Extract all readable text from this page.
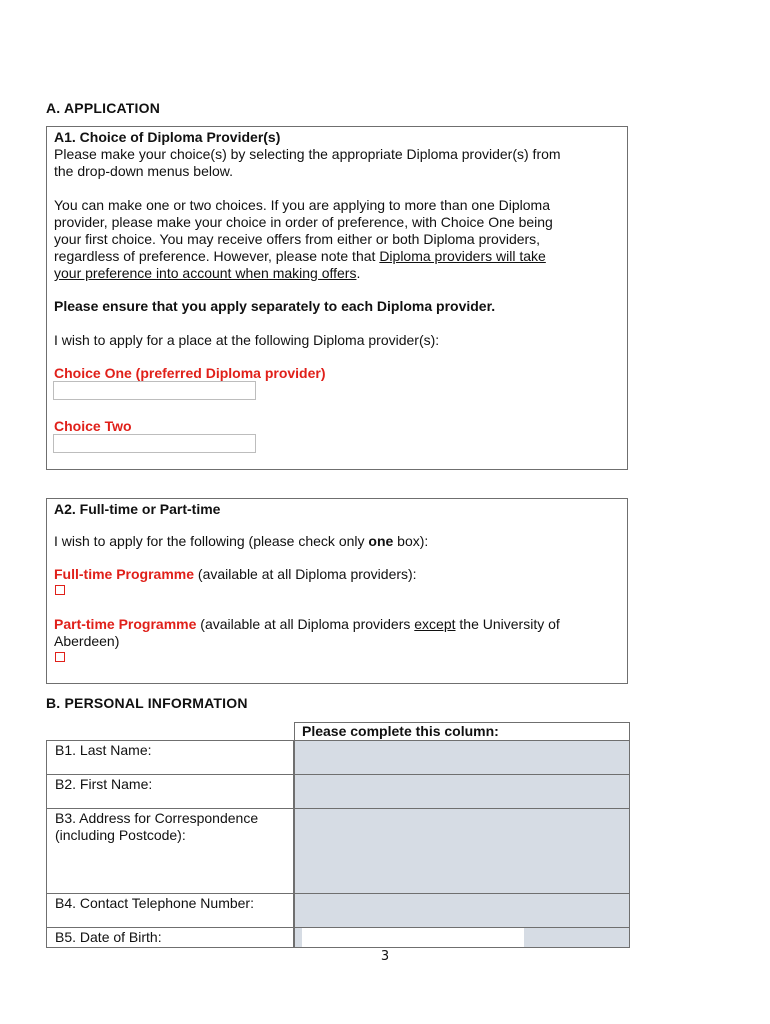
A. APPLICATION
A1. Choice of Diploma Provider(s)
Please make your choice(s) by selecting the appropriate Diploma provider(s) from
the drop-down menus below.
You can make one or two choices. If you are applying to more than one Diploma
provider, please make your choice in order of preference, with Choice One being
your first choice. You may receive offers from either or both Diploma providers,
regardless of preference. However, please note that Diploma providers will take
your preference into account when making offers.
Please ensure that you apply separately to each Diploma provider.
I wish to apply for a place at the following Diploma provider(s):
Choice One (preferred Diploma provider)
Choice Two
A2. Full-time or Part-time
I wish to apply for the following (please check only one box):
Full-time Programme (available at all Diploma providers):
Part-time Programme (available at all Diploma providers except the University of
Aberdeen)
B. PERSONAL INFORMATION
Please complete this column:
B1. Last Name:
B2. First Name:
B3. Address for Correspondence
(including Postcode):
B4. Contact Telephone Number:
B5. Date of Birth:
3
